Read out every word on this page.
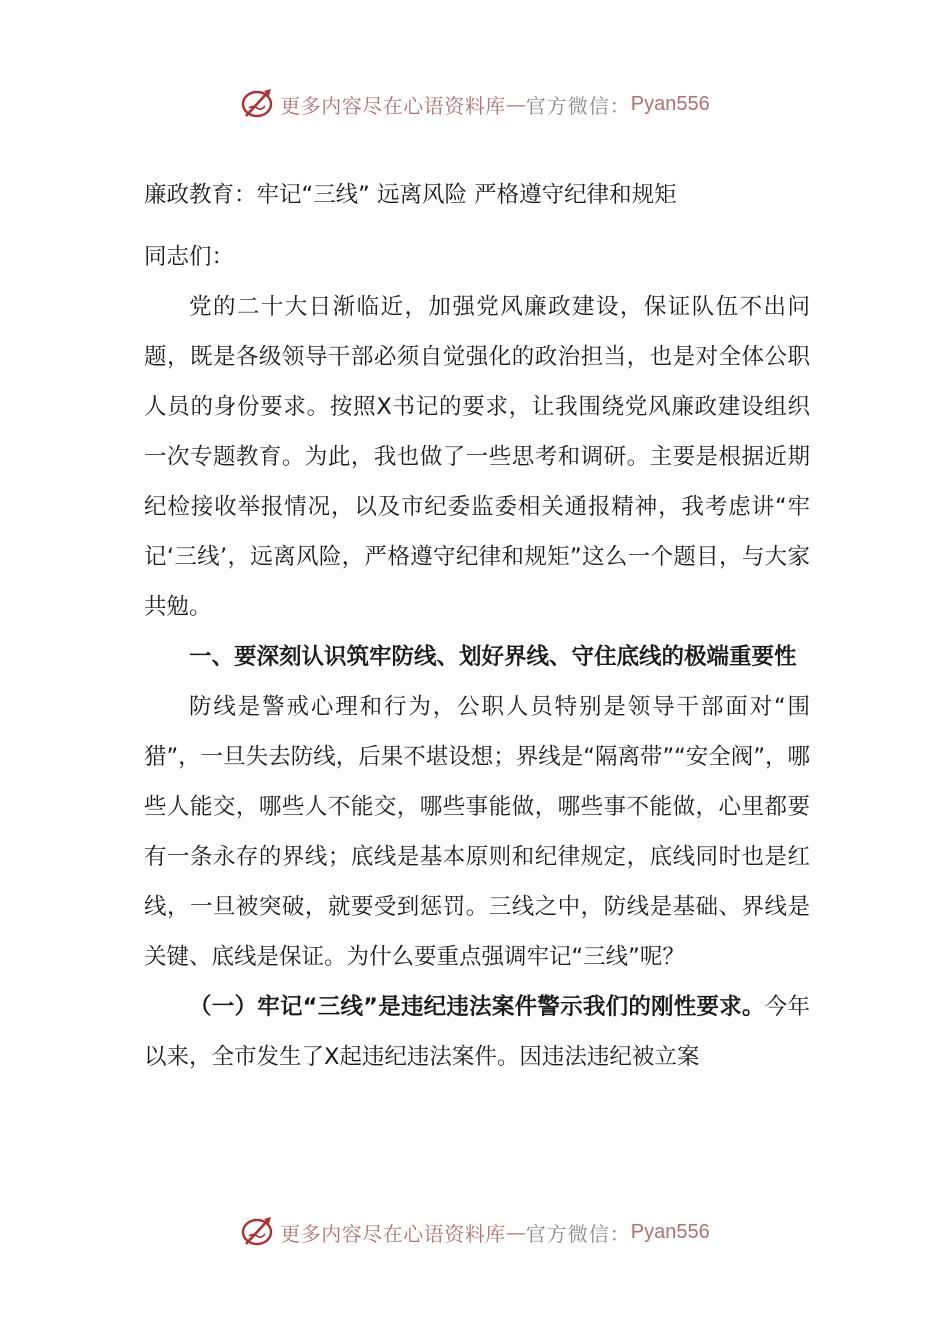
更多内容尽在心语资料库 — 官方微信： Pyan556
廉政教育：牢记“三线” 远离风险 严格遵守纪律和规矩
同志们：

党的二十大日渐临近，加强党风廉政建设，保证队伍不出问题，既是各级领导干部必须自觉强化的政治担当，也是对全体公职人员的身份要求。按照X书记的要求，让我围绕党风廉政建设组织一次专题教育。为此，我也做了一些思考和调研。主要是根据近期纪检接收举报情况，以及市纪委监委相关通报精神，我考虑讲“牢记‘三线’，远离风险，严格遵守纪律和规矩”这么一个题目，与大家共勉。

一、要深刻认识筑牢防线、划好界线、守住底线的极端重要性

防线是警戒心理和行为，公职人员特别是领导干部面对“围猎”，一旦失去防线，后果不堪设想；界线是“隔离带”“安全阀”，哪些人能交，哪些人不能交，哪些事能做，哪些事不能做，心里都要有一条永存的界线；底线是基本原则和纪律规定，底线同时也是红线，一旦被突破，就要受到惩罚。三线之中，防线是基础、界线是关键、底线是保证。为什么要重点强调牢记“三线”呢？

（一）牢记“三线”是违纪违法案件警示我们的刚性要求。今年以来，全市发生了X起违纪违法案件。因违法违纪被立案

更多内容尽在心语资料库 — 官方微信： Pyan556
